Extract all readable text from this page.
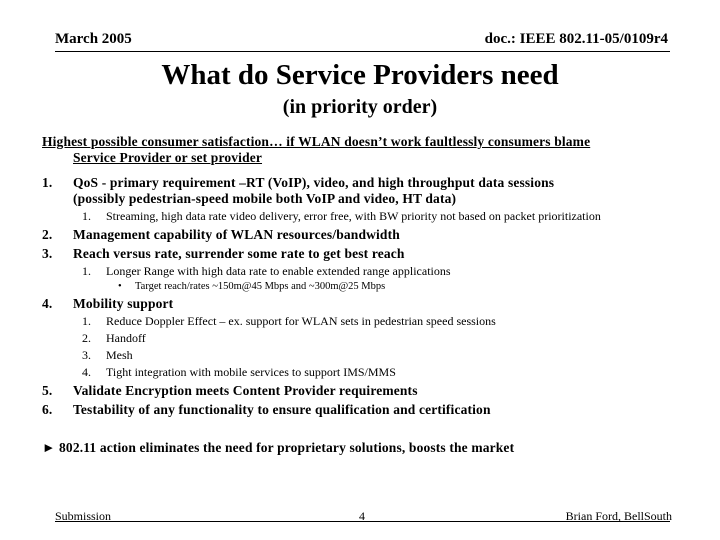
March 2005	doc.: IEEE 802.11-05/0109r4
What do Service Providers need
(in priority order)
Highest possible consumer satisfaction… if WLAN doesn’t work faultlessly consumers blame
Service Provider or set provider
1. QoS - primary requirement –RT (VoIP), video, and high throughput data sessions
(possibly pedestrian-speed mobile both VoIP and video, HT data)
1. Streaming, high data rate video delivery, error free, with BW priority not based on packet prioritization
2. Management capability of WLAN resources/bandwidth
3. Reach versus rate, surrender some rate to get best reach
1. Longer Range with high data rate to enable extended range applications
• Target reach/rates ~150m@45 Mbps and ~300m@25 Mbps
4. Mobility support
1. Reduce Doppler Effect – ex. support for WLAN sets in pedestrian speed sessions
2. Handoff
3. Mesh
4. Tight integration with mobile services to support IMS/MMS
5. Validate Encryption meets Content Provider requirements
6. Testability of any functionality to ensure qualification and certification
► 802.11 action eliminates the need for proprietary solutions, boosts the market
Submission	4	Brian Ford, BellSouth
